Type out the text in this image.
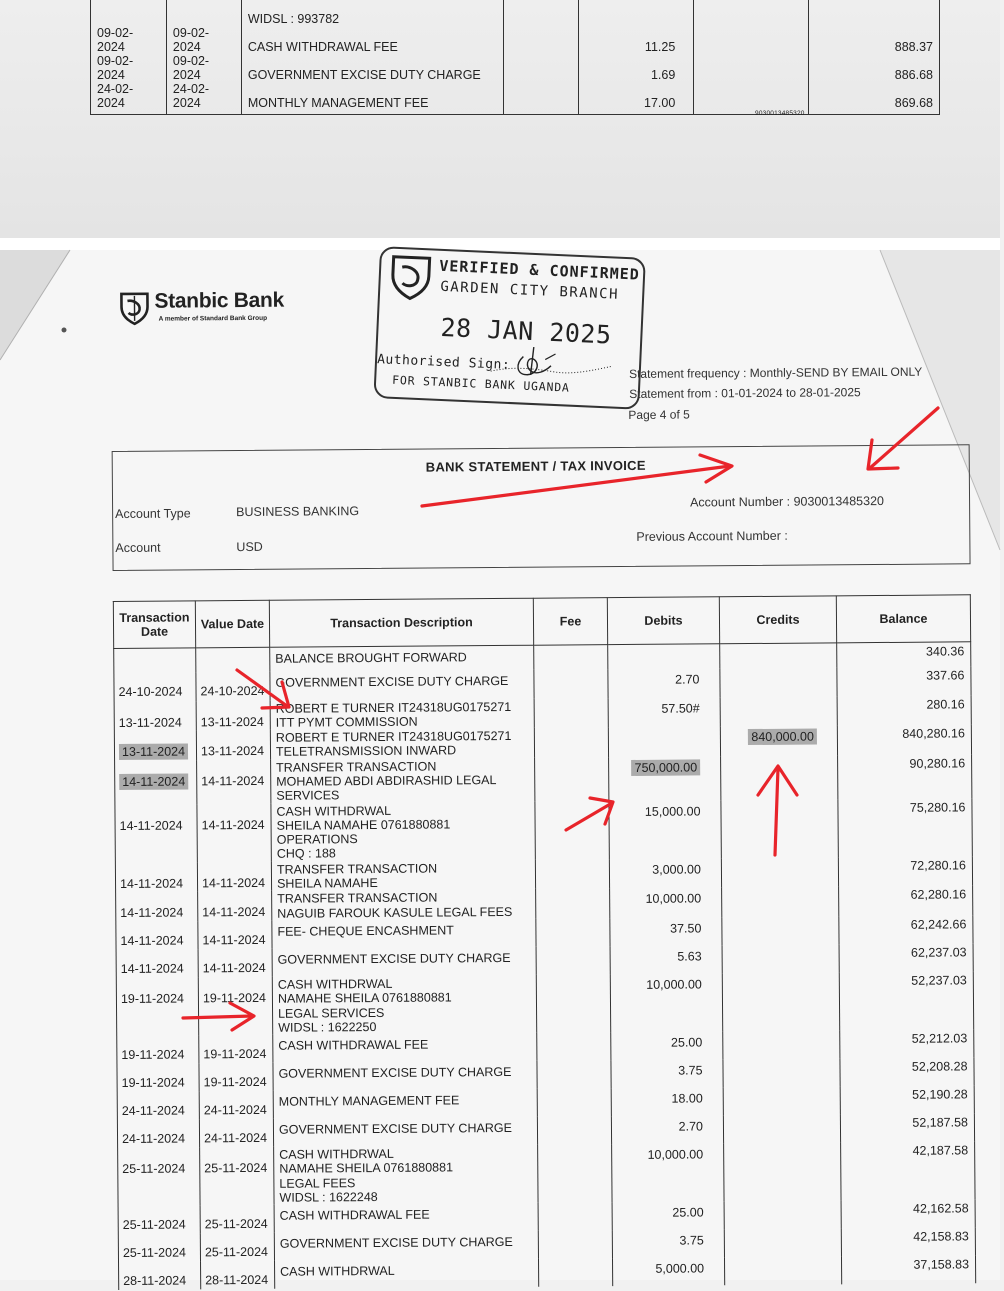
		WIDSL : 993782				
09-02-2024	09-02-2024	CASH WITHDRAWAL FEE		11.25		888.37
09-02-2024	09-02-2024	GOVERNMENT EXCISE DUTY CHARGE		1.69		886.68
24-02-2024	24-02-2024	MONTHLY MANAGEMENT FEE		17.00		869.68
9030013485320
Stanbic Bank
A member of Standard Bank Group
VERIFIED & CONFIRMED
GARDEN CITY BRANCH
28 JAN 2025
Authorised Sign:
FOR STANBIC BANK UGANDA	Statement frequency : Monthly-SEND BY EMAIL ONLY
Statement from : 01-01-2024 to 28-01-2025
Page 4 of 5
BANK STATEMENT / TAX INVOICE
Account Type	BUSINESS BANKING
Account	USD
Account Number : 9030013485320
Previous Account Number :
Transaction Date	Value Date	Transaction Description	Fee	Debits	Credits	Balance

		BALANCE BROUGHT FORWARD				340.36
24-10-2024	24-10-2024	GOVERNMENT EXCISE DUTY CHARGE		2.70		337.66
13-11-2024	13-11-2024	ROBERT E TURNER IT24318UG0175271
ITT PYMT COMMISSION		57.50#		280.16
13-11-2024	13-11-2024	ROBERT E TURNER IT24318UG0175271
TELETRANSMISSION INWARD			840,000.00	840,280.16
14-11-2024	14-11-2024	TRANSFER TRANSACTION
MOHAMED ABDI ABDIRASHID LEGAL
SERVICES		750,000.00		90,280.16
14-11-2024	14-11-2024	CASH WITHDRWAL
SHEILA NAMAHE 0761880881
OPERATIONS
CHQ : 188		15,000.00		75,280.16
14-11-2024	14-11-2024	TRANSFER TRANSACTION
SHEILA NAMAHE		3,000.00		72,280.16
14-11-2024	14-11-2024	TRANSFER TRANSACTION
NAGUIB FAROUK KASULE LEGAL FEES		10,000.00		62,280.16
14-11-2024	14-11-2024	FEE- CHEQUE ENCASHMENT		37.50		62,242.66
14-11-2024	14-11-2024	GOVERNMENT EXCISE DUTY CHARGE		5.63		62,237.03
19-11-2024	19-11-2024	CASH WITHDRWAL
NAMAHE SHEILA 0761880881
LEGAL SERVICES
WIDSL : 1622250		10,000.00		52,237.03
19-11-2024	19-11-2024	CASH WITHDRAWAL FEE		25.00		52,212.03
19-11-2024	19-11-2024	GOVERNMENT EXCISE DUTY CHARGE		3.75		52,208.28
24-11-2024	24-11-2024	MONTHLY MANAGEMENT FEE		18.00		52,190.28
24-11-2024	24-11-2024	GOVERNMENT EXCISE DUTY CHARGE		2.70		52,187.58
25-11-2024	25-11-2024	CASH WITHDRWAL
NAMAHE SHEILA 0761880881
LEGAL FEES
WIDSL : 1622248		10,000.00		42,187.58
25-11-2024	25-11-2024	CASH WITHDRAWAL FEE		25.00		42,162.58
25-11-2024	25-11-2024	GOVERNMENT EXCISE DUTY CHARGE		3.75		42,158.83
28-11-2024	28-11-2024	CASH WITHDRWAL		5,000.00		37,158.83
